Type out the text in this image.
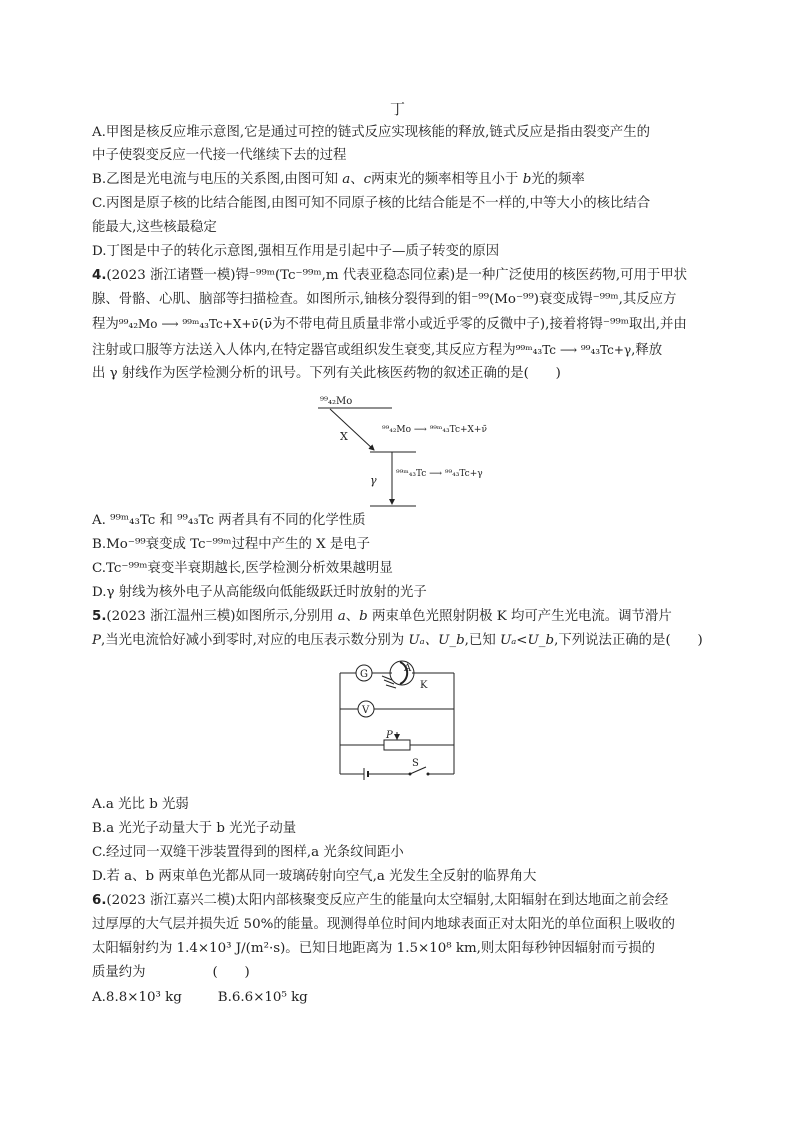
丁
A.甲图是核反应堆示意图,它是通过可控的链式反应实现核能的释放,链式反应是指由裂变产生的
中子使裂变反应一代接一代继续下去的过程
B.乙图是光电流与电压的关系图,由图可知 a、c两束光的频率相等且小于 b光的频率
C.丙图是原子核的比结合能图,由图可知不同原子核的比结合能是不一样的,中等大小的核比结合
能最大,这些核最稳定
D.丁图是中子的转化示意图,强相互作用是引起中子—质子转变的原因
4.(2023 浙江诸暨一模)锝⁻⁹⁹ᵐ(Tc⁻⁹⁹ᵐ,m 代表亚稳态同位素)是一种广泛使用的核医药物,可用于甲状
腺、骨骼、心肌、脑部等扫描检查。如图所示,铀核分裂得到的钼⁻⁹⁹(Mo⁻⁹⁹)衰变成锝⁻⁹⁹ᵐ,其反应方
程为⁹⁹₄₂Mo ⟶ ⁹⁹ᵐ₄₃Tc+X+ν̄(ν̄为不带电荷且质量非常小或近乎零的反微中子),接着将锝⁻⁹⁹ᵐ取出,并由
注射或口服等方法送入人体内,在特定器官或组织发生衰变,其反应方程为⁹⁹ᵐ₄₃Tc ⟶ ⁹⁹₄₃Tc+γ,释放
出 γ 射线作为医学检测分析的讯号。下列有关此核医药物的叙述正确的是(　　)
⁹⁹₄₂Mo
X	⁹⁹₄₂Mo ⟶ ⁹⁹ᵐ₄₃Tc+X+ν̄
γ ⁹⁹ᵐ₄₃Tc ⟶ ⁹⁹₄₃Tc+γ
A. ⁹⁹ᵐ₄₃Tc 和 ⁹⁹₄₃Tc 两者具有不同的化学性质
B.Mo⁻⁹⁹衰变成 Tc⁻⁹⁹ᵐ过程中产生的 X 是电子
C.Tc⁻⁹⁹ᵐ衰变半衰期越长,医学检测分析效果越明显
D.γ 射线为核外电子从高能级向低能级跃迁时放射的光子
5.(2023 浙江温州三模)如图所示,分别用 a、b 两束单色光照射阴极 K 均可产生光电流。调节滑片
P,当光电流恰好减小到零时,对应的电压表示数分别为 Uₐ、U_b,已知 Uₐ<U_b,下列说法正确的是(　　)
G
A
K
V
P
S
A.a 光比 b 光弱
B.a 光光子动量大于 b 光光子动量
C.经过同一双缝干涉装置得到的图样,a 光条纹间距小
D.若 a、b 两束单色光都从同一玻璃砖射向空气,a 光发生全反射的临界角大
6.(2023 浙江嘉兴二模)太阳内部核聚变反应产生的能量向太空辐射,太阳辐射在到达地面之前会经
过厚厚的大气层并损失近 50%的能量。现测得单位时间内地球表面正对太阳光的单位面积上吸收的
太阳辐射约为 1.4×10³ J/(m²·s)。已知日地距离为 1.5×10⁸ km,则太阳每秒钟因辐射而亏损的
质量约为　　　　　(　　)
A.8.8×10³ kg	B.6.6×10⁵ kg
